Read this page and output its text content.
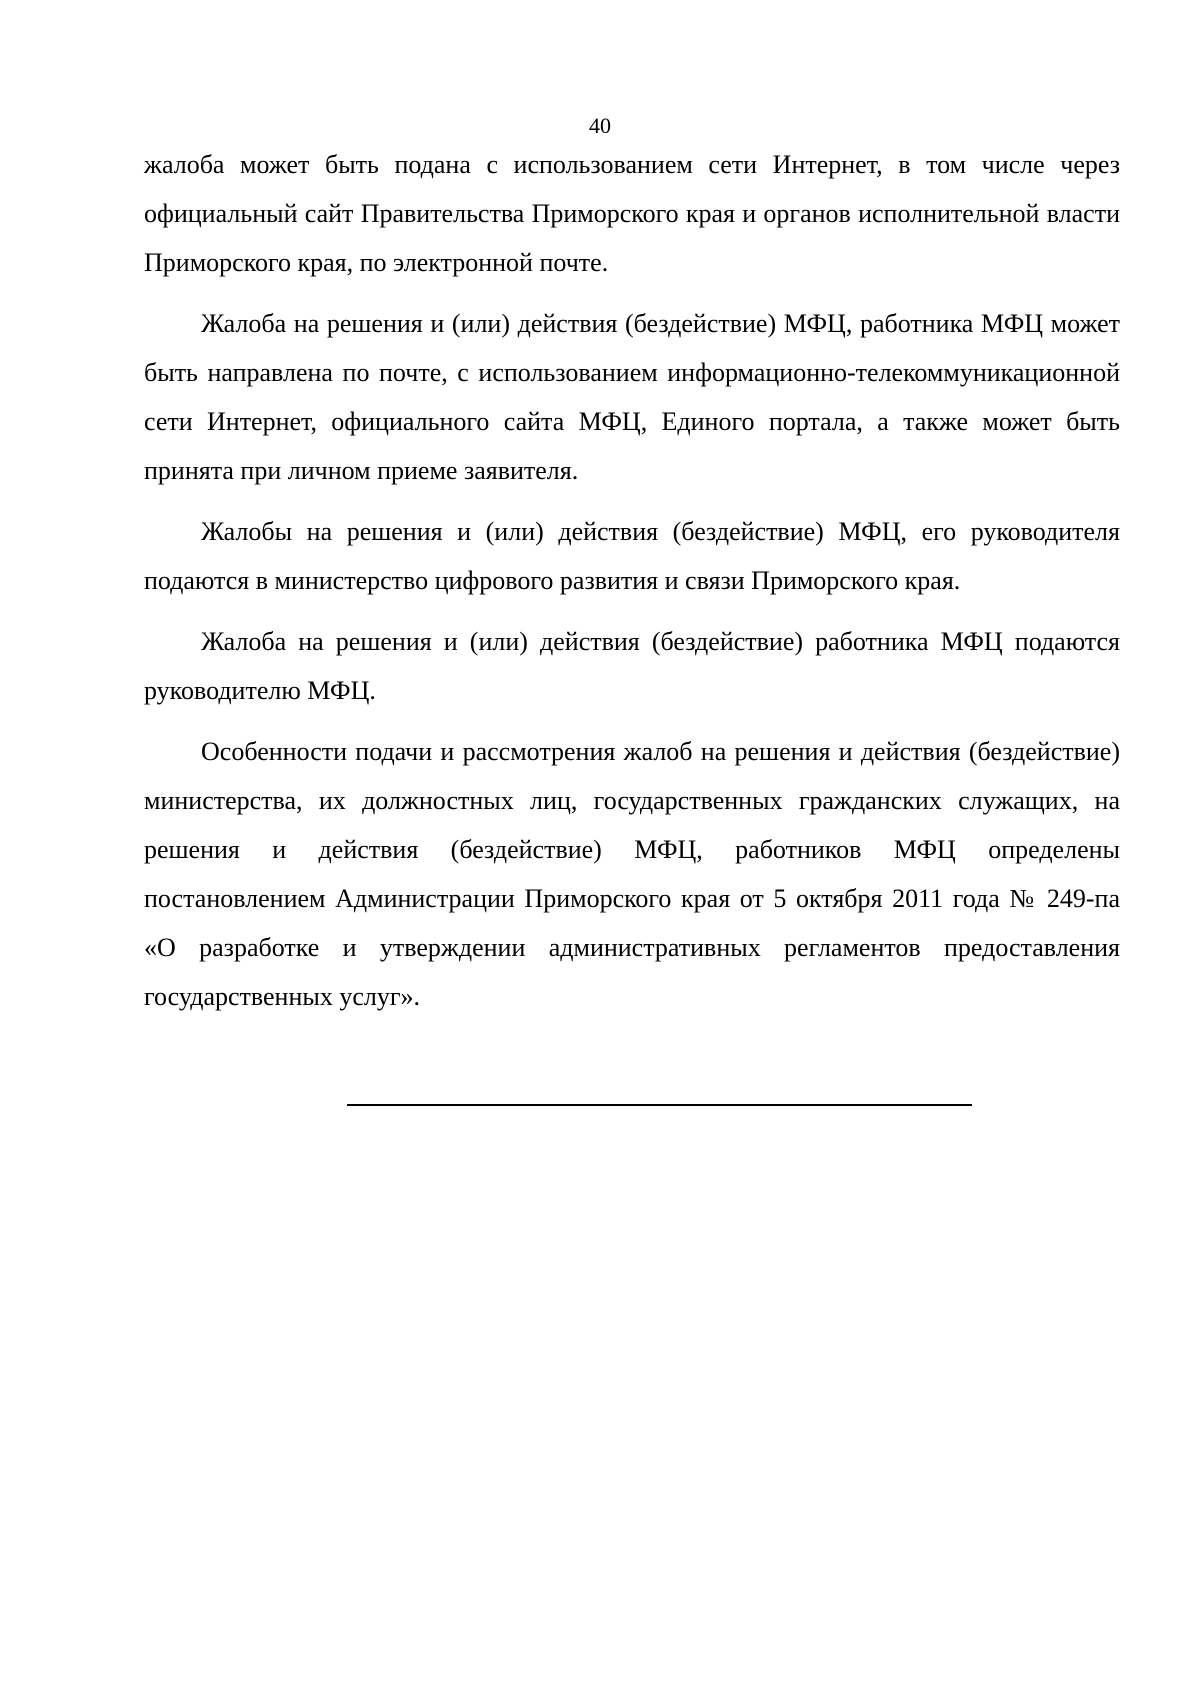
40

жалоба может быть подана с использованием сети Интернет, в том числе через официальный сайт Правительства Приморского края и органов исполнительной власти Приморского края, по электронной почте.

Жалоба на решения и (или) действия (бездействие) МФЦ, работника МФЦ может быть направлена по почте, с использованием информационно-телекоммуникационной сети Интернет, официального сайта МФЦ, Единого портала, а также может быть принята при личном приеме заявителя.

Жалобы на решения и (или) действия (бездействие) МФЦ, его руководителя подаются в министерство цифрового развития и связи Приморского края.

Жалоба на решения и (или) действия (бездействие) работника МФЦ подаются руководителю МФЦ.

Особенности подачи и рассмотрения жалоб на решения и действия (бездействие) министерства, их должностных лиц, государственных гражданских служащих, на решения и действия (бездействие) МФЦ, работников МФЦ определены постановлением Администрации Приморского края от 5 октября 2011 года № 249-па «О разработке и утверждении административных регламентов предоставления государственных услуг».
